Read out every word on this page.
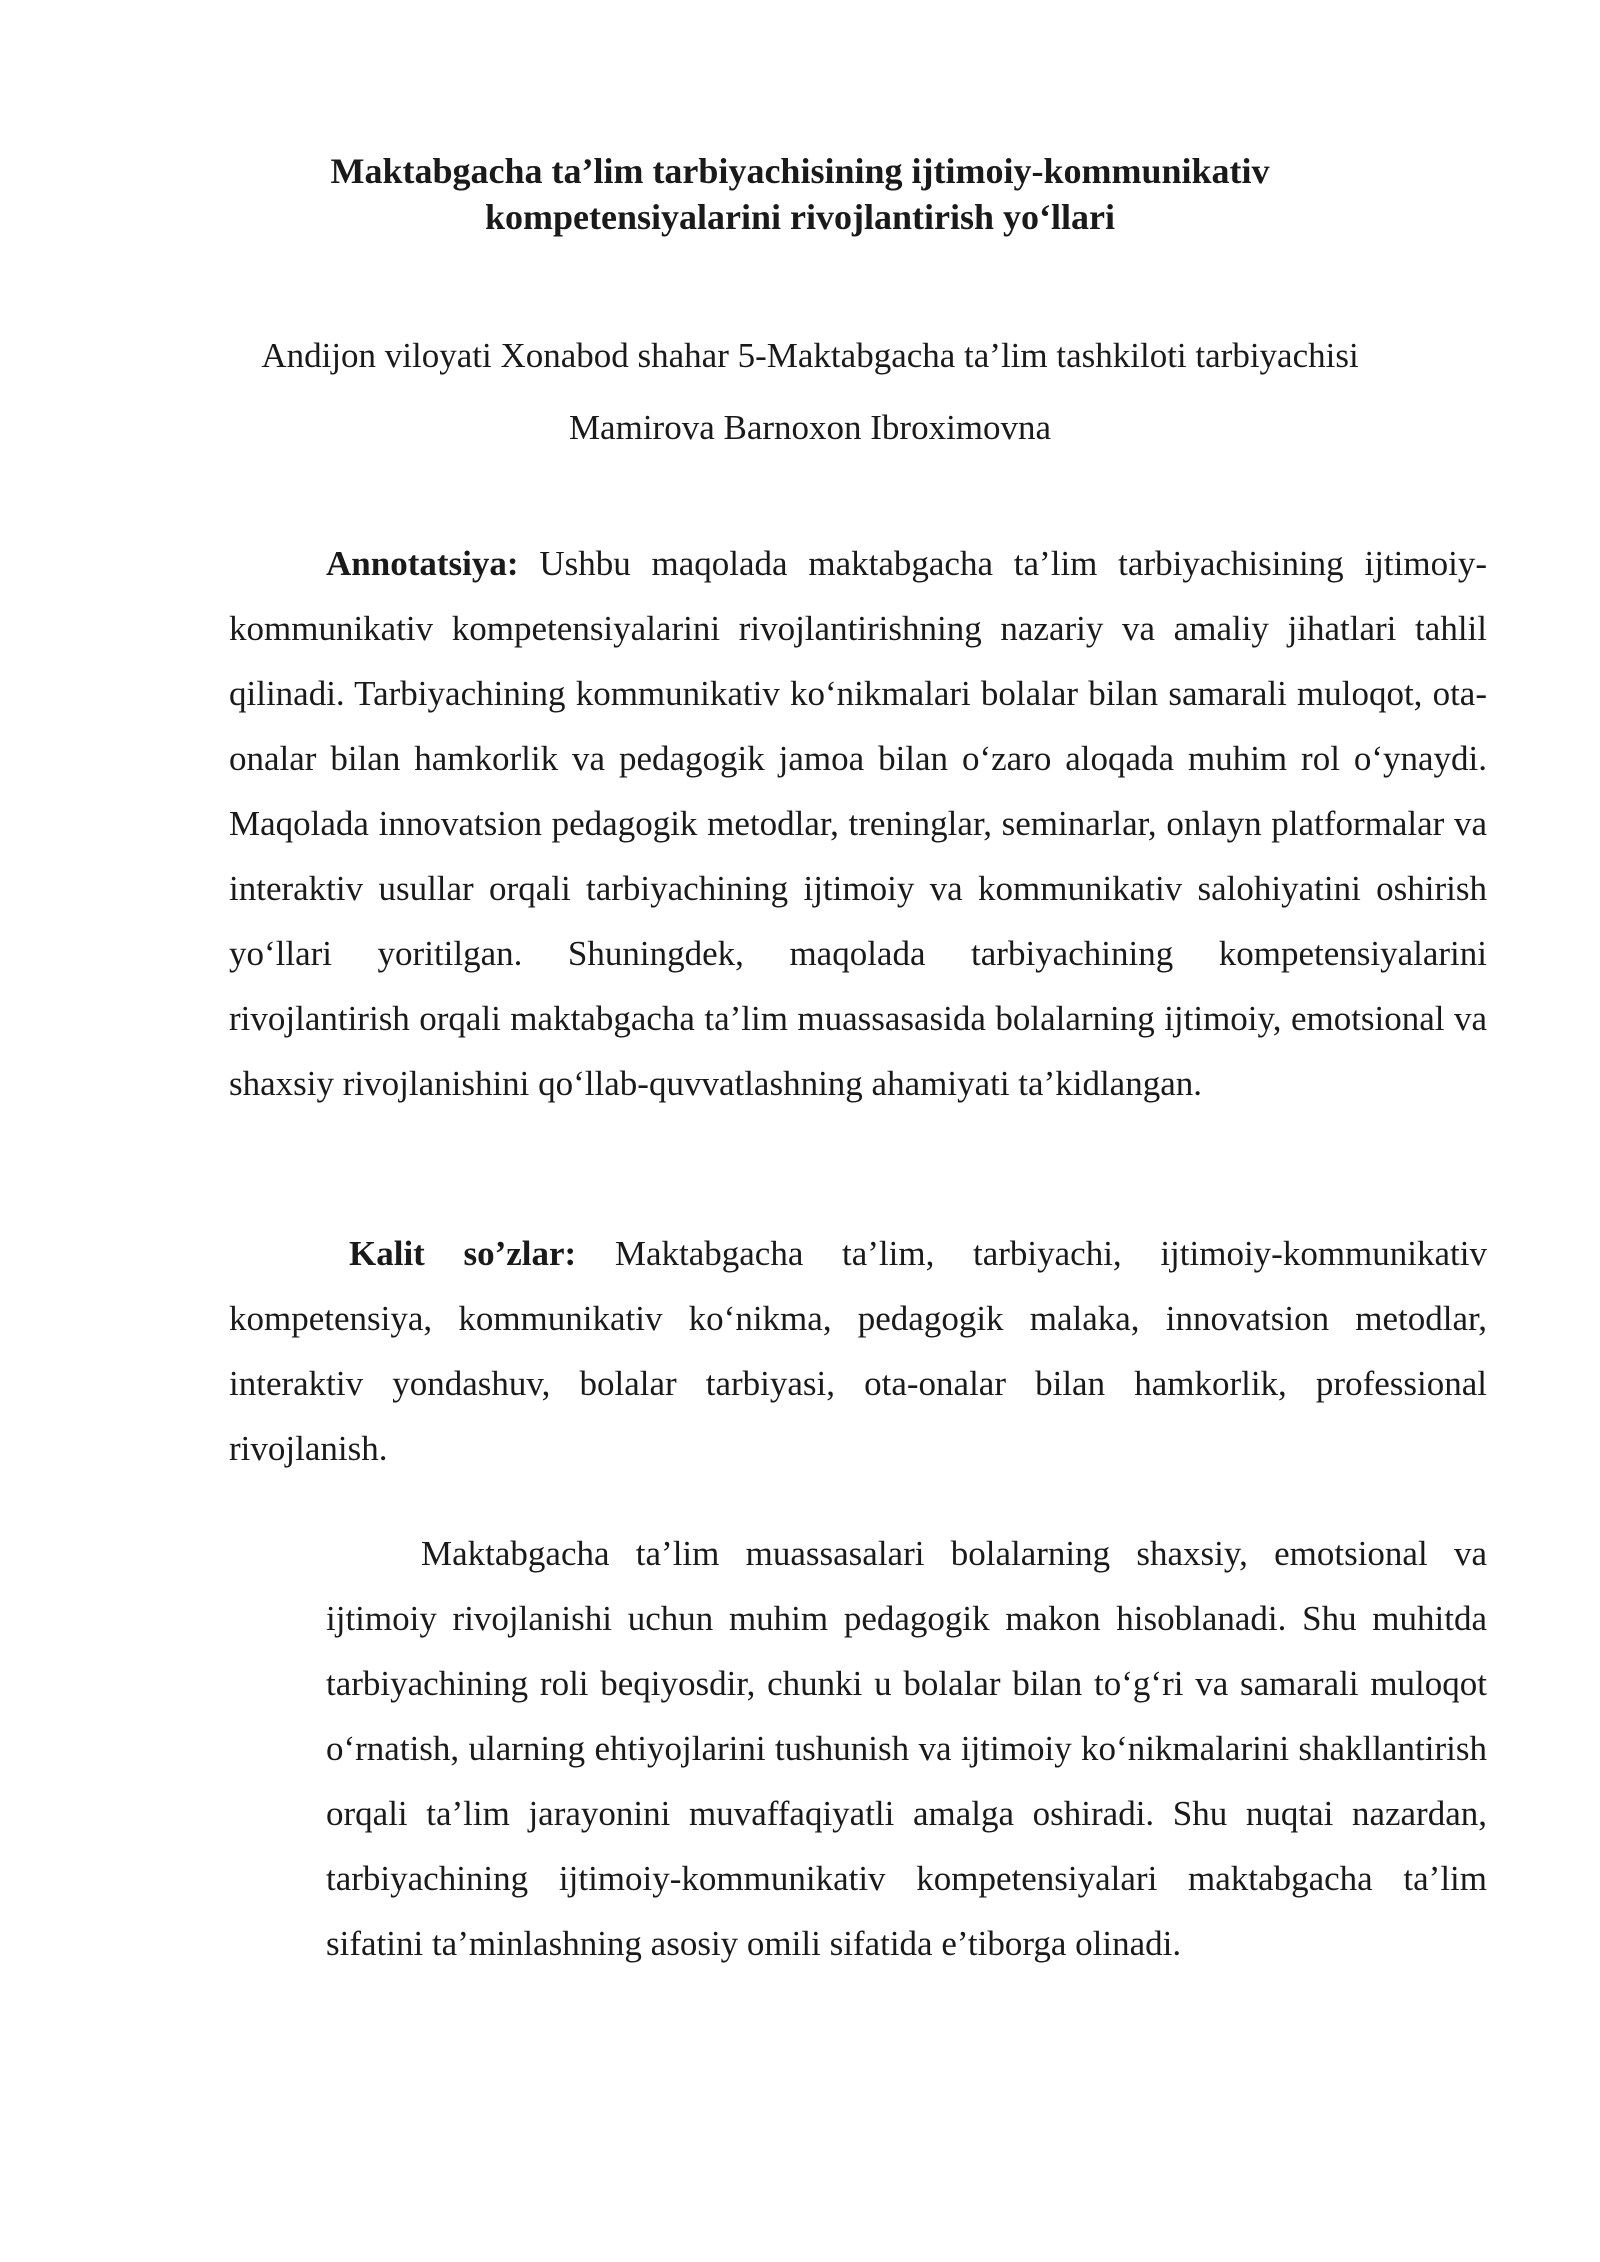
Maktabgacha ta’lim tarbiyachisining ijtimoiy-kommunikativ
kompetensiyalarini rivojlantirish yo‘llari

Andijon viloyati Xonabod shahar 5-Maktabgacha ta’lim tashkiloti tarbiyachisi

Mamirova Barnoxon Ibroximovna

Annotatsiya: Ushbu maqolada maktabgacha ta’lim tarbiyachisining ijtimoiy-kommunikativ kompetensiyalarini rivojlantirishning nazariy va amaliy jihatlari tahlil qilinadi. Tarbiyachining kommunikativ ko‘nikmalari bolalar bilan samarali muloqot, ota-onalar bilan hamkorlik va pedagogik jamoa bilan o‘zaro aloqada muhim rol o‘ynaydi. Maqolada innovatsion pedagogik metodlar, treninglar, seminarlar, onlayn platformalar va interaktiv usullar orqali tarbiyachining ijtimoiy va kommunikativ salohiyatini oshirish yo‘llari yoritilgan. Shuningdek, maqolada tarbiyachining kompetensiyalarini rivojlantirish orqali maktabgacha ta’lim muassasasida bolalarning ijtimoiy, emotsional va shaxsiy rivojlanishini qo‘llab-quvvatlashning ahamiyati ta’kidlangan.

Kalit so’zlar: Maktabgacha ta’lim, tarbiyachi, ijtimoiy-kommunikativ kompetensiya, kommunikativ ko‘nikma, pedagogik malaka, innovatsion metodlar, interaktiv yondashuv, bolalar tarbiyasi, ota-onalar bilan hamkorlik, professional rivojlanish.

Maktabgacha ta’lim muassasalari bolalarning shaxsiy, emotsional va ijtimoiy rivojlanishi uchun muhim pedagogik makon hisoblanadi. Shu muhitda tarbiyachining roli beqiyosdir, chunki u bolalar bilan to‘g‘ri va samarali muloqot o‘rnatish, ularning ehtiyojlarini tushunish va ijtimoiy ko‘nikmalarini shakllantirish orqali ta’lim jarayonini muvaffaqiyatli amalga oshiradi. Shu nuqtai nazardan, tarbiyachining ijtimoiy-kommunikativ kompetensiyalari maktabgacha ta’lim sifatini ta’minlashning asosiy omili sifatida e’tiborga olinadi.
